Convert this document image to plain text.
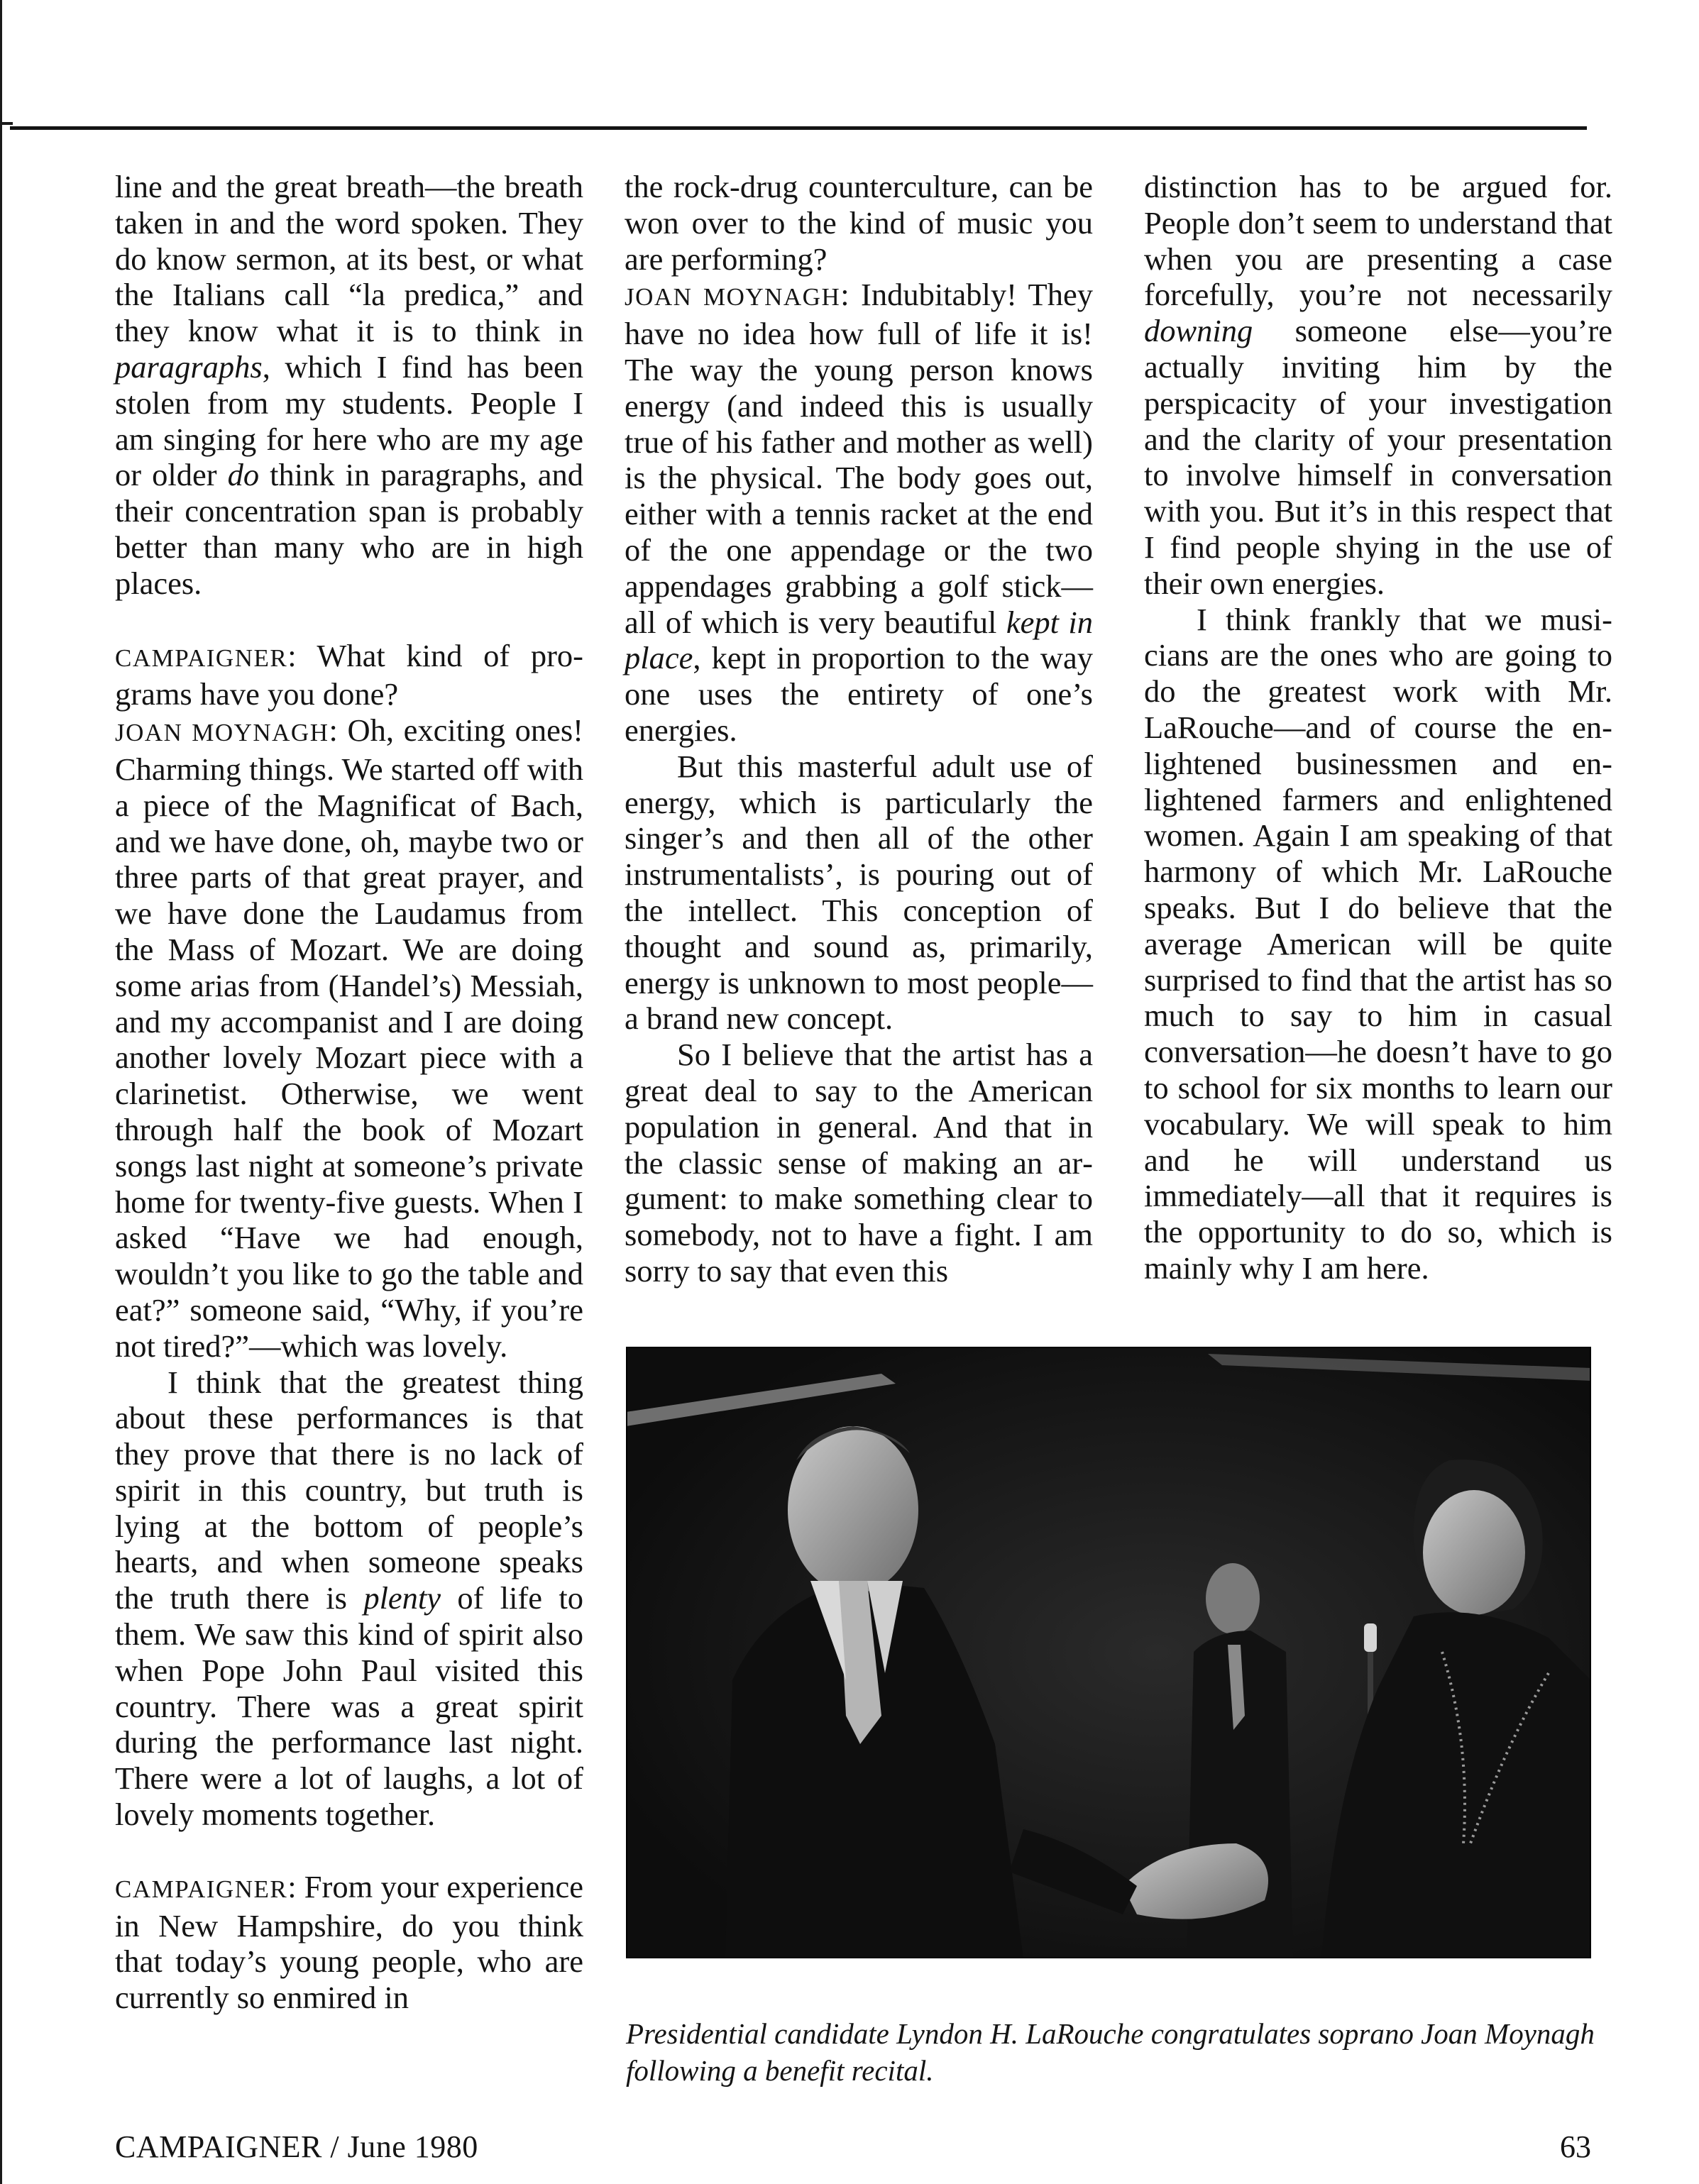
line and the great breath—the breath taken in and the word spoken. They do know sermon, at its best, or what the Italians call “la predica,” and they know what it is to think in paragraphs, which I find has been stolen from my students. People I am singing for here who are my age or older do think in paragraphs, and their concentration span is probably better than many who are in high places.

CAMPAIGNER: What kind of programs have you done?

JOAN MOYNAGH: Oh, exciting ones! Charming things. We started off with a piece of the Magnificat of Bach, and we have done, oh, maybe two or three parts of that great prayer, and we have done the Laudamus from the Mass of Mozart. We are doing some arias from (Handel’s) Messiah, and my accompanist and I are doing another lovely Mozart piece with a clarinetist. Otherwise, we went through half the book of Mozart songs last night at someone’s private home for twenty-five guests. When I asked “Have we had enough, wouldn’t you like to go the table and eat?” someone said, “Why, if you’re not tired?”—which was lovely.

I think that the greatest thing about these performances is that they prove that there is no lack of spirit in this country, but truth is lying at the bottom of people’s hearts, and when someone speaks the truth there is plenty of life to them. We saw this kind of spirit also when Pope John Paul visited this country. There was a great spirit during the performance last night. There were a lot of laughs, a lot of lovely moments together.

CAMPAIGNER: From your experience in New Hampshire, do you think that today’s young people, who are currently so enmired in

the rock-drug counterculture, can be won over to the kind of music you are performing?

JOAN MOYNAGH: Indubitably! They have no idea how full of life it is! The way the young person knows energy (and indeed this is usually true of his father and mother as well) is the physical. The body goes out, either with a tennis racket at the end of the one appendage or the two appendages grabbing a golf stick—all of which is very beautiful kept in place, kept in proportion to the way one uses the entirety of one’s energies.

But this masterful adult use of energy, which is particularly the singer’s and then all of the other instrumentalists’, is pouring out of the intellect. This conception of thought and sound as, primarily, energy is unknown to most people—a brand new concept.

So I believe that the artist has a great deal to say to the American population in general. And that in the classic sense of making an argument: to make something clear to somebody, not to have a fight. I am sorry to say that even this

distinction has to be argued for. People don’t seem to understand that when you are presenting a case forcefully, you’re not necessarily downing someone else—you’re actually inviting him by the perspicacity of your investigation and the clarity of your presentation to involve himself in conversation with you. But it’s in this respect that I find people shying in the use of their own energies.

I think frankly that we musicians are the ones who are going to do the greatest work with Mr. LaRouche—and of course the enlightened businessmen and enlightened farmers and enlightened women. Again I am speaking of that harmony of which Mr. LaRouche speaks. But I do believe that the average American will be quite surprised to find that the artist has so much to say to him in casual conversation—he doesn’t have to go to school for six months to learn our vocabulary. We will speak to him and he will understand us immediately—all that it requires is the opportunity to do so, which is mainly why I am here.

Presidential candidate Lyndon H. LaRouche congratulates soprano Joan Moynagh following a benefit recital.
CAMPAIGNER / June 1980	63
